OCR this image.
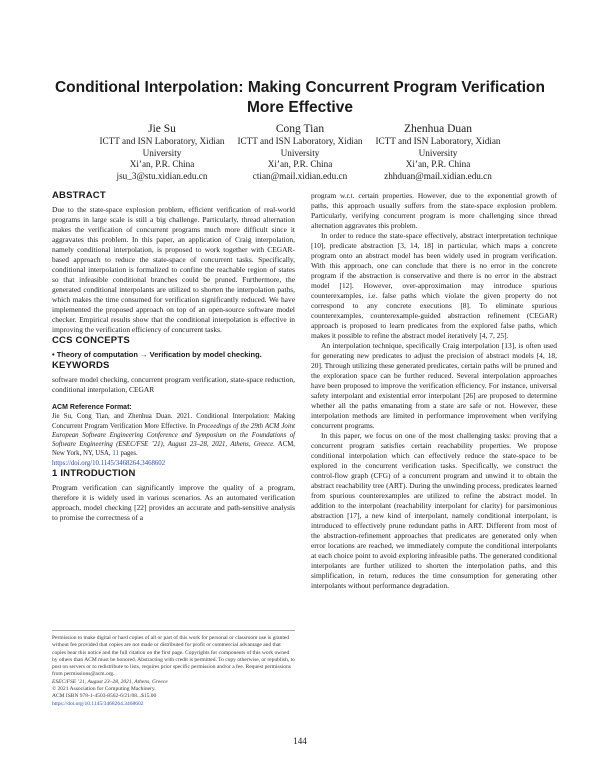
Conditional Interpolation: Making Concurrent Program Verification More Effective
Jie Su
ICTT and ISN Laboratory, Xidian
University
Xi’an, P.R. China
jsu_3@stu.xidian.edu.cn
Cong Tian
ICTT and ISN Laboratory, Xidian
University
Xi’an, P.R. China
ctian@mail.xidian.edu.cn
Zhenhua Duan
ICTT and ISN Laboratory, Xidian
University
Xi’an, P.R. China
zhhduan@mail.xidian.edu.cn
ABSTRACT

Due to the state-space explosion problem, efficient verification of real-world programs in large scale is still a big challenge. Particularly, thread alternation makes the verification of concurrent programs much more difficult since it aggravates this problem. In this paper, an application of Craig interpolation, namely conditional interpolation, is proposed to work together with CEGAR-based approach to reduce the state-space of concurrent tasks. Specifically, conditional interpolation is formalized to confine the reachable region of states so that infeasible conditional branches could be pruned. Furthermore, the generated conditional interpolants are utilized to shorten the interpolation paths, which makes the time consumed for verification significantly reduced. We have implemented the proposed approach on top of an open-source software model checker. Empirical results show that the conditional interpolation is effective in improving the verification efficiency of concurrent tasks.

CCS CONCEPTS

• Theory of computation → Verification by model checking.

KEYWORDS

software model checking, concurrent program verification, state-space reduction, conditional interpolation, CEGAR

ACM Reference Format:
Jie Su, Cong Tian, and Zhenhua Duan. 2021. Conditional Interpolation: Making Concurrent Program Verification More Effective. In Proceedings of the 29th ACM Joint European Software Engineering Conference and Symposium on the Foundations of Software Engineering (ESEC/FSE ’21), August 23–28, 2021, Athens, Greece. ACM, New York, NY, USA, 11 pages.
https://doi.org/10.1145/3468264.3468602
1 INTRODUCTION

Program verification can significantly improve the quality of a program, therefore it is widely used in various scenarios. As an automated verification approach, model checking [22] provides an accurate and path-sensitive analysis to promise the correctness of a

Permission to make digital or hard copies of all or part of this work for personal or classroom use is granted without fee provided that copies are not made or distributed for profit or commercial advantage and that copies bear this notice and the full citation on the first page. Copyrights for components of this work owned by others than ACM must be honored. Abstracting with credit is permitted. To copy otherwise, or republish, to post on servers or to redistribute to lists, requires prior specific permission and/or a fee. Request permissions from permissions@acm.org.
ESEC/FSE ’21, August 23–28, 2021, Athens, Greece
© 2021 Association for Computing Machinery.
ACM ISBN 978-1-4503-8562-6/21/08...$15.00
https://doi.org/10.1145/3468264.3468602

program w.r.t. certain properties. However, due to the exponential growth of paths, this approach usually suffers from the state-space explosion problem. Particularly, verifying concurrent program is more challenging since thread alternation aggravates this problem.

In order to reduce the state-space effectively, abstract interpretation technique [10], predicate abstraction [3, 14, 18] in particular, which maps a concrete program onto an abstract model has been widely used in program verification. With this approach, one can conclude that there is no error in the concrete program if the abstraction is conservative and there is no error in the abstract model [12]. However, over-approximation may introduce spurious counterexamples, i.e. false paths which violate the given property do not correspond to any concrete executions [8]. To eliminate spurious counterexamples, counterexample-guided abstraction refinement (CEGAR) approach is proposed to learn predicates from the explored false paths, which makes it possible to refine the abstract model iteratively [4, 7, 25].

An interpolation technique, specifically Craig interpolation [13], is often used for generating new predicates to adjust the precision of abstract models [4, 18, 20]. Through utilizing these generated predicates, certain paths will be pruned and the exploration space can be further reduced. Several interpolation approaches have been proposed to improve the verification efficiency. For instance, universal safety interpolant and existential error interpolant [26] are proposed to determine whether all the paths emanating from a state are safe or not. However, these interpolation methods are limited in performance improvement when verifying concurrent programs.

In this paper, we focus on one of the most challenging tasks: proving that a concurrent program satisfies certain reachability properties. We propose conditional interpolation which can effectively reduce the state-space to be explored in the concurrent verification tasks. Specifically, we construct the control-flow graph (CFG) of a concurrent program and unwind it to obtain the abstract reachability tree (ART). During the unwinding process, predicates learned from spurious counterexamples are utilized to refine the abstract model. In addition to the interpolant (reachability interpolant for clarity) for parsimonious abstraction [17], a new kind of interpolant, namely conditional interpolant, is introduced to effectively prune redundant paths in ART. Different from most of the abstraction-refinement approaches that predicates are generated only when error locations are reached, we immediately compute the conditional interpolants at each choice point to avoid exploring infeasible paths. The generated conditional interpolants are further utilized to shorten the interpolation paths, and this simplification, in return, reduces the time consumption for generating other interpolants without performance degradation.

144
